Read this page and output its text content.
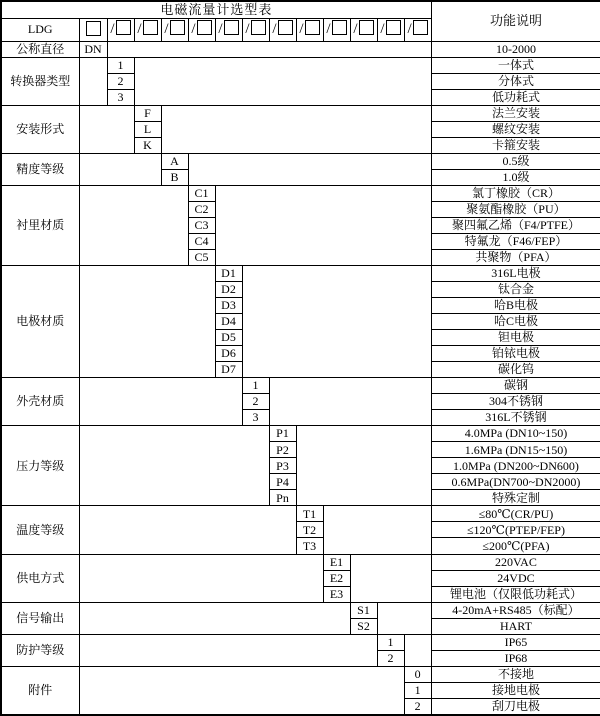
电磁流量计选型表														功能说明
LDG		/	/	/	/	/	/	/	/	/	/	/	/	
公称直径	DN													10-2000
转换器类型		1												一体式
		2												分体式
		3												低功耗式
安装形式			F											法兰安装
			L											螺纹安装
			K											卡箍安装
精度等级				A										0.5级
				B										1.0级
衬里材质					C1									氯丁橡胶（CR）
					C2									聚氨酯橡胶（PU）
					C3									聚四氟乙烯（F4/PTFE）
					C4									特氟龙（F46/FEP）
					C5									共聚物（PFA）
电极材质						D1								316L电极
						D2								钛合金
						D3								哈B电极
						D4								哈C电极
						D5								钽电极
						D6								铂铱电极
						D7								碳化钨
外壳材质							1							碳钢
							2							304不锈钢
							3							316L不锈钢
压力等级								P1						4.0MPa (DN10~150)
								P2						1.6MPa (DN15~150)
								P3						1.0MPa (DN200~DN600)
								P4						0.6MPa(DN700~DN2000)
								Pn						特殊定制
温度等级									T1					≤80℃(CR/PU)
									T2					≤120℃(PTEP/FEP)
									T3					≤200℃(PFA)
供电方式										E1				220VAC
										E2				24VDC
										E3				锂电池（仅限低功耗式）
信号输出											S1			4-20mA+RS485（标配）
											S2			HART
防护等级												1		IP65
												2		IP68
附件													0	不接地
													1	接地电极
													2	刮刀电极
